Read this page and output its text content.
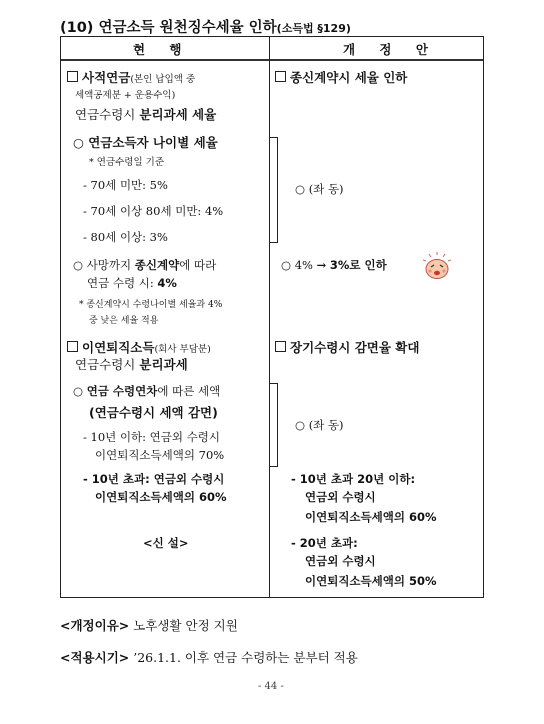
(10) 연금소득 원천징수세율 인하(소득법 §129)
현 행	개 정 안
사적연금(본인 납입액 중
세액공제분 + 운용수익)
연금수령시 분리과세 세율
○ 연금소득자 나이별 세율
* 연금수령일 기준
- 70세 미만: 5%
- 70세 이상 80세 미만: 4%
- 80세 이상: 3%
○ 사망까지 종신계약에 따라
연금 수령 시: 4%
* 종신계약시 수령나이별 세율과 4%
중 낮은 세율 적용
이연퇴직소득(회사 부담분)
연금수령시 분리과세
○ 연금 수령연차에 따른 세액
(연금수령시 세액 감면)
- 10년 이하: 연금외 수령시
이연퇴직소득세액의 70%
- 10년 초과: 연금외 수령시
이연퇴직소득세액의 60%
<신 설>
종신계약시 세율 인하
○ (좌 동)
○ 4% → 3%로 인하
장기수령시 감면율 확대
○ (좌 동)
- 10년 초과 20년 이하:
연금외 수령시
이연퇴직소득세액의 60%
- 20년 초과:
연금외 수령시
이연퇴직소득세액의 50%
<개정이유> 노후생활 안정 지원
<적용시기> ’26.1.1. 이후 연금 수령하는 분부터 적용
- 44 -
